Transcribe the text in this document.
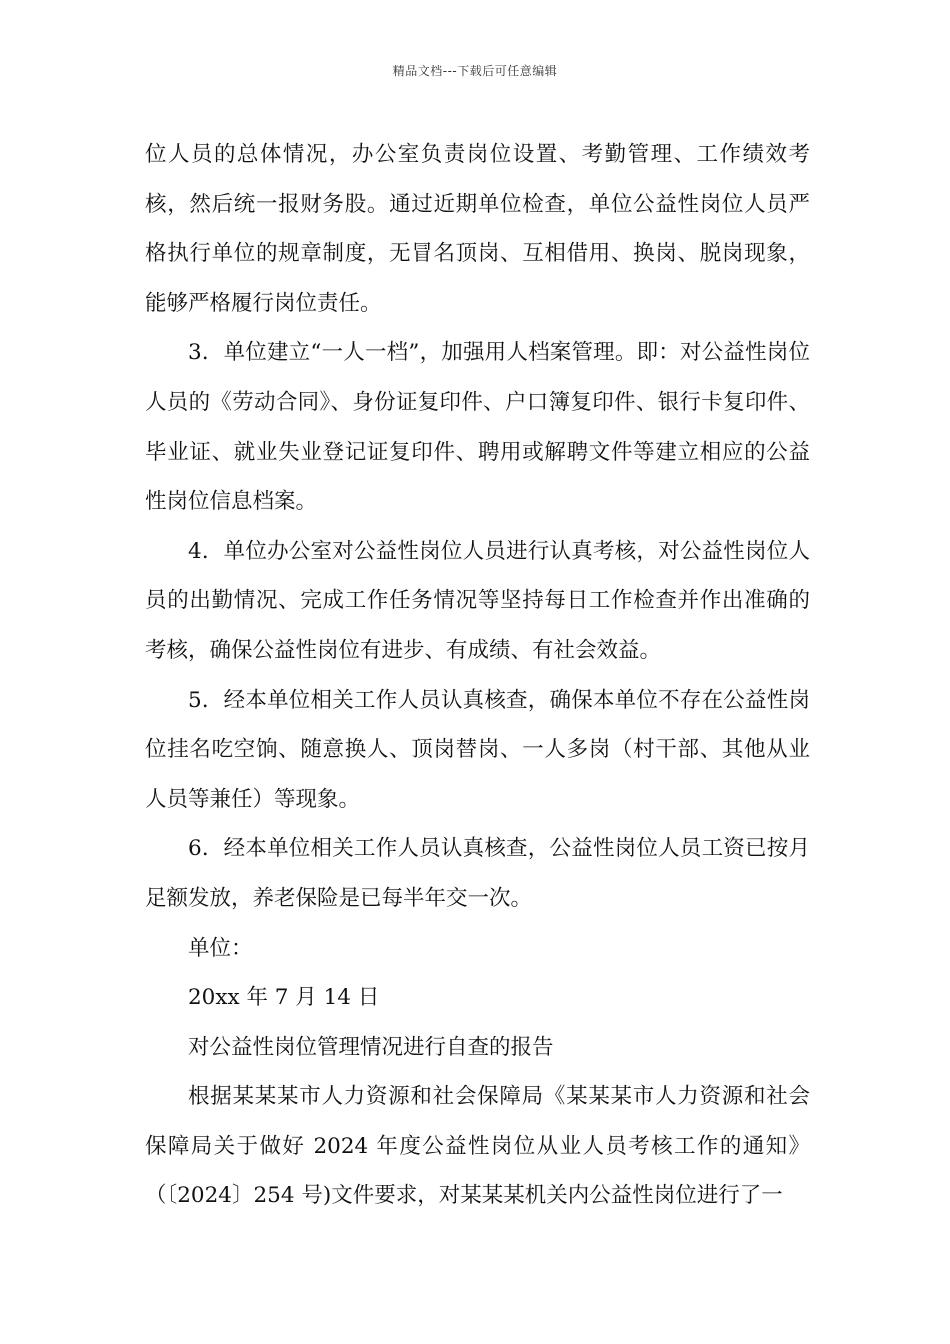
精品文档---下载后可任意编辑

位人员的总体情况，办公室负责岗位设置、考勤管理、工作绩效考核，然后统一报财务股。通过近期单位检查，单位公益性岗位人员严格执行单位的规章制度，无冒名顶岗、互相借用、换岗、脱岗现象，能够严格履行岗位责任。

3．单位建立“一人一档”，加强用人档案管理。即：对公益性岗位人员的《劳动合同》、身份证复印件、户口簿复印件、银行卡复印件、毕业证、就业失业登记证复印件、聘用或解聘文件等建立相应的公益性岗位信息档案。

4．单位办公室对公益性岗位人员进行认真考核，对公益性岗位人员的出勤情况、完成工作任务情况等坚持每日工作检查并作出准确的考核，确保公益性岗位有进步、有成绩、有社会效益。

5．经本单位相关工作人员认真核查，确保本单位不存在公益性岗位挂名吃空饷、随意换人、顶岗替岗、一人多岗（村干部、其他从业人员等兼任）等现象。

6．经本单位相关工作人员认真核查，公益性岗位人员工资已按月足额发放，养老保险是已每半年交一次。

单位：

20xx 年 7 月 14 日

对公益性岗位管理情况进行自查的报告

根据某某某市人力资源和社会保障局《某某某市人力资源和社会保障局关于做好 2024 年度公益性岗位从业人员考核工作的通知》（〔2024〕254 号)文件要求，对某某某机关内公益性岗位进行了一
